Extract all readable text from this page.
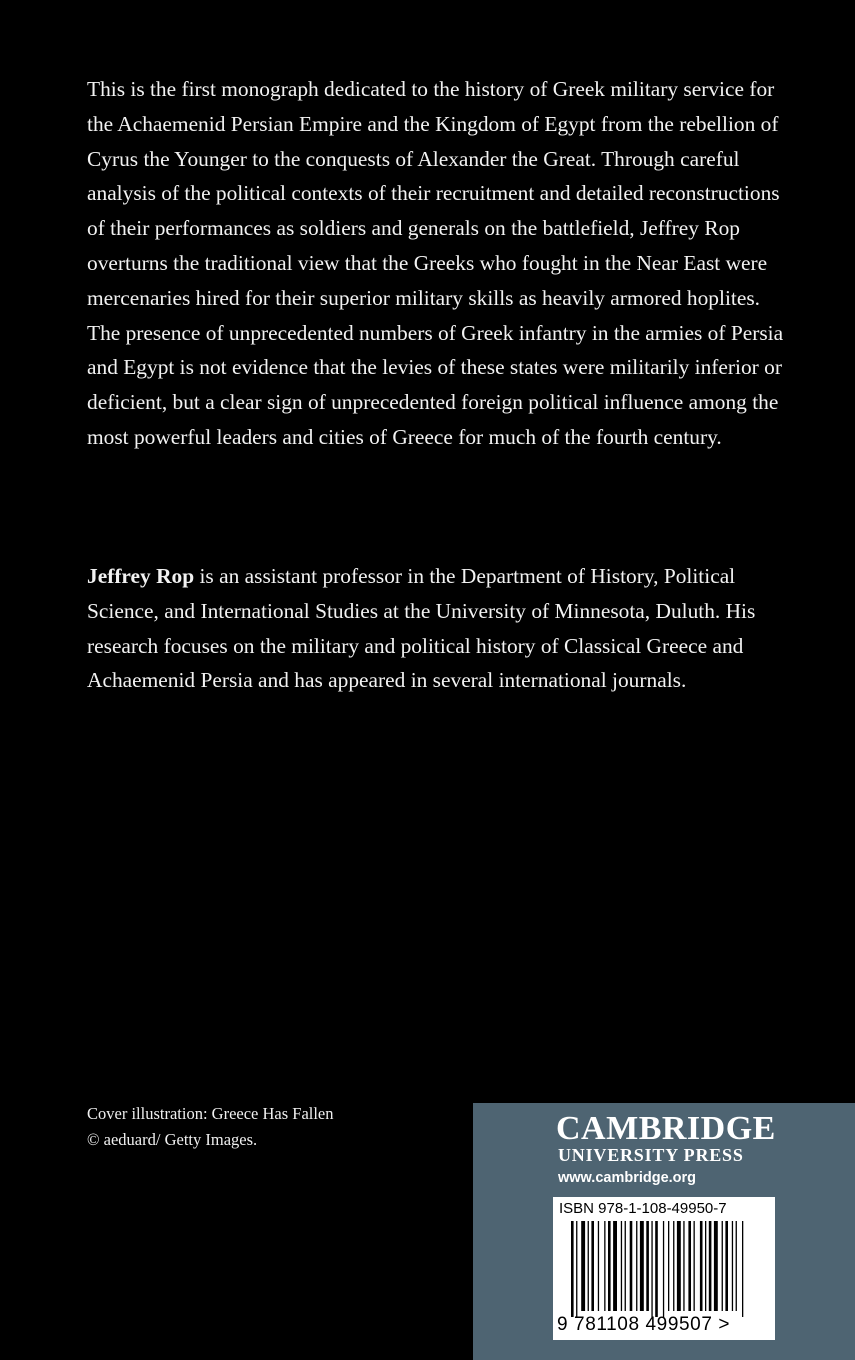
This is the first monograph dedicated to the history of Greek military service for the Achaemenid Persian Empire and the Kingdom of Egypt from the rebellion of Cyrus the Younger to the conquests of Alexander the Great. Through careful analysis of the political contexts of their recruitment and detailed reconstructions of their performances as soldiers and generals on the battlefield, Jeffrey Rop overturns the traditional view that the Greeks who fought in the Near East were mercenaries hired for their superior military skills as heavily armored hoplites. The presence of unprecedented numbers of Greek infantry in the armies of Persia and Egypt is not evidence that the levies of these states were militarily inferior or deficient, but a clear sign of unprecedented foreign political influence among the most powerful leaders and cities of Greece for much of the fourth century.

Jeffrey Rop is an assistant professor in the Department of History, Political Science, and International Studies at the University of Minnesota, Duluth. His research focuses on the military and political history of Classical Greece and Achaemenid Persia and has appeared in several international journals.

Cover illustration: Greece Has Fallen
© aeduard/ Getty Images.	CAMBRIDGE
UNIVERSITY PRESS
www.cambridge.org
ISBN 978-1-108-49950-7
9 781108 499507 >
